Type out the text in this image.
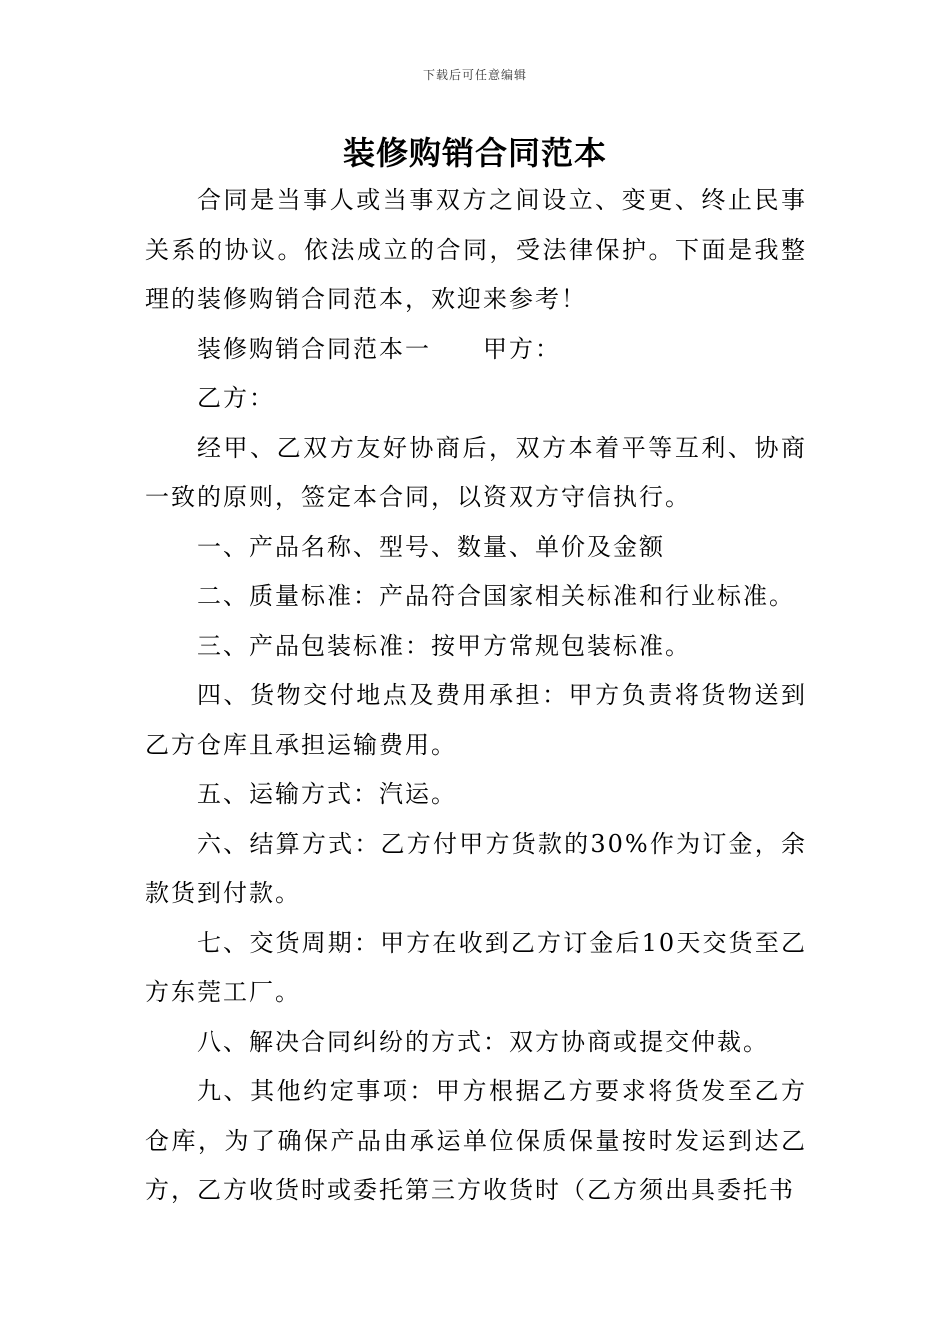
下载后可任意编辑
装修购销合同范本

合同是当事人或当事双方之间设立、变更、终止民事关系的协议。依法成立的合同，受法律保护。下面是我整理的装修购销合同范本，欢迎来参考！

装修购销合同范本一 甲方：

乙方：

经甲、乙双方友好协商后，双方本着平等互利、协商一致的原则，签定本合同，以资双方守信执行。

一、产品名称、型号、数量、单价及金额

二、质量标准：产品符合国家相关标准和行业标准。

三、产品包装标准：按甲方常规包装标准。

四、货物交付地点及费用承担：甲方负责将货物送到乙方仓库且承担运输费用。

五、运输方式：汽运。

六、结算方式：乙方付甲方货款的30%作为订金，余款货到付款。

七、交货周期：甲方在收到乙方订金后10天交货至乙方东莞工厂。

八、解决合同纠纷的方式：双方协商或提交仲裁。

九、其他约定事项：甲方根据乙方要求将货发至乙方仓库，为了确保产品由承运单位保质保量按时发运到达乙方，乙方收货时或委托第三方收货时（乙方须出具委托书
